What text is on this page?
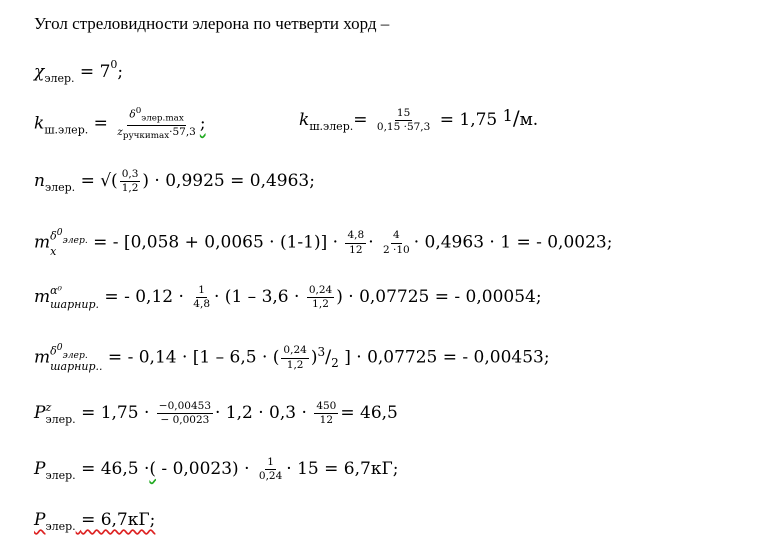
Угол стреловидности элерона по четверти хорд –
$\chi_{элер.} = 7^0$;
$k_{ш.элер.} = \frac{\delta^0_{элер.max}}{z_{ручкиmax}\cdot 57,3}$ ;	$k_{ш.элер.}= \frac{15}{0,15 \cdot 57,3} = 1,75$ 1/м.
$n_{элер.}$ = √( $\frac{0,3}{1,2}$ ) · 0,9925 = 0,4963;
m $\delta^0_{элер.}$
x	= - $[0,058 + 0,0065 \cdot (1-1)] \cdot \frac{4,8}{12} \cdot \frac{4}{2 \cdot 10} \cdot 0,4963 \cdot 1$ = - 0,0023;
m α⁰
шарнир. = - $0,12 \cdot \frac{1}{4,8} \cdot (1 - 3,6 \cdot \frac{0,24}{1,2}$ ) · 0,07725 = - 0,00054;
m $\delta^0_{элер.}$
шарнир.. = - 0,14 · [1 – 6,5 · ( $\frac{0,24}{1,2} )^3/_2$ ] · 0,07725 = - 0,00453;
P z
элер. = $1,75 \cdot \frac{-0,00453}{- 0,0023} \cdot 1,2 \cdot 0,3 \cdot \frac{450}{12} = 46,5$
$P_{элер.} = 46,5$ ·( - $0,0023) \cdot \frac{1}{0,24} \cdot 15 = 6,7кГ$;
$P_{элер.} = 6,7кГ$;
